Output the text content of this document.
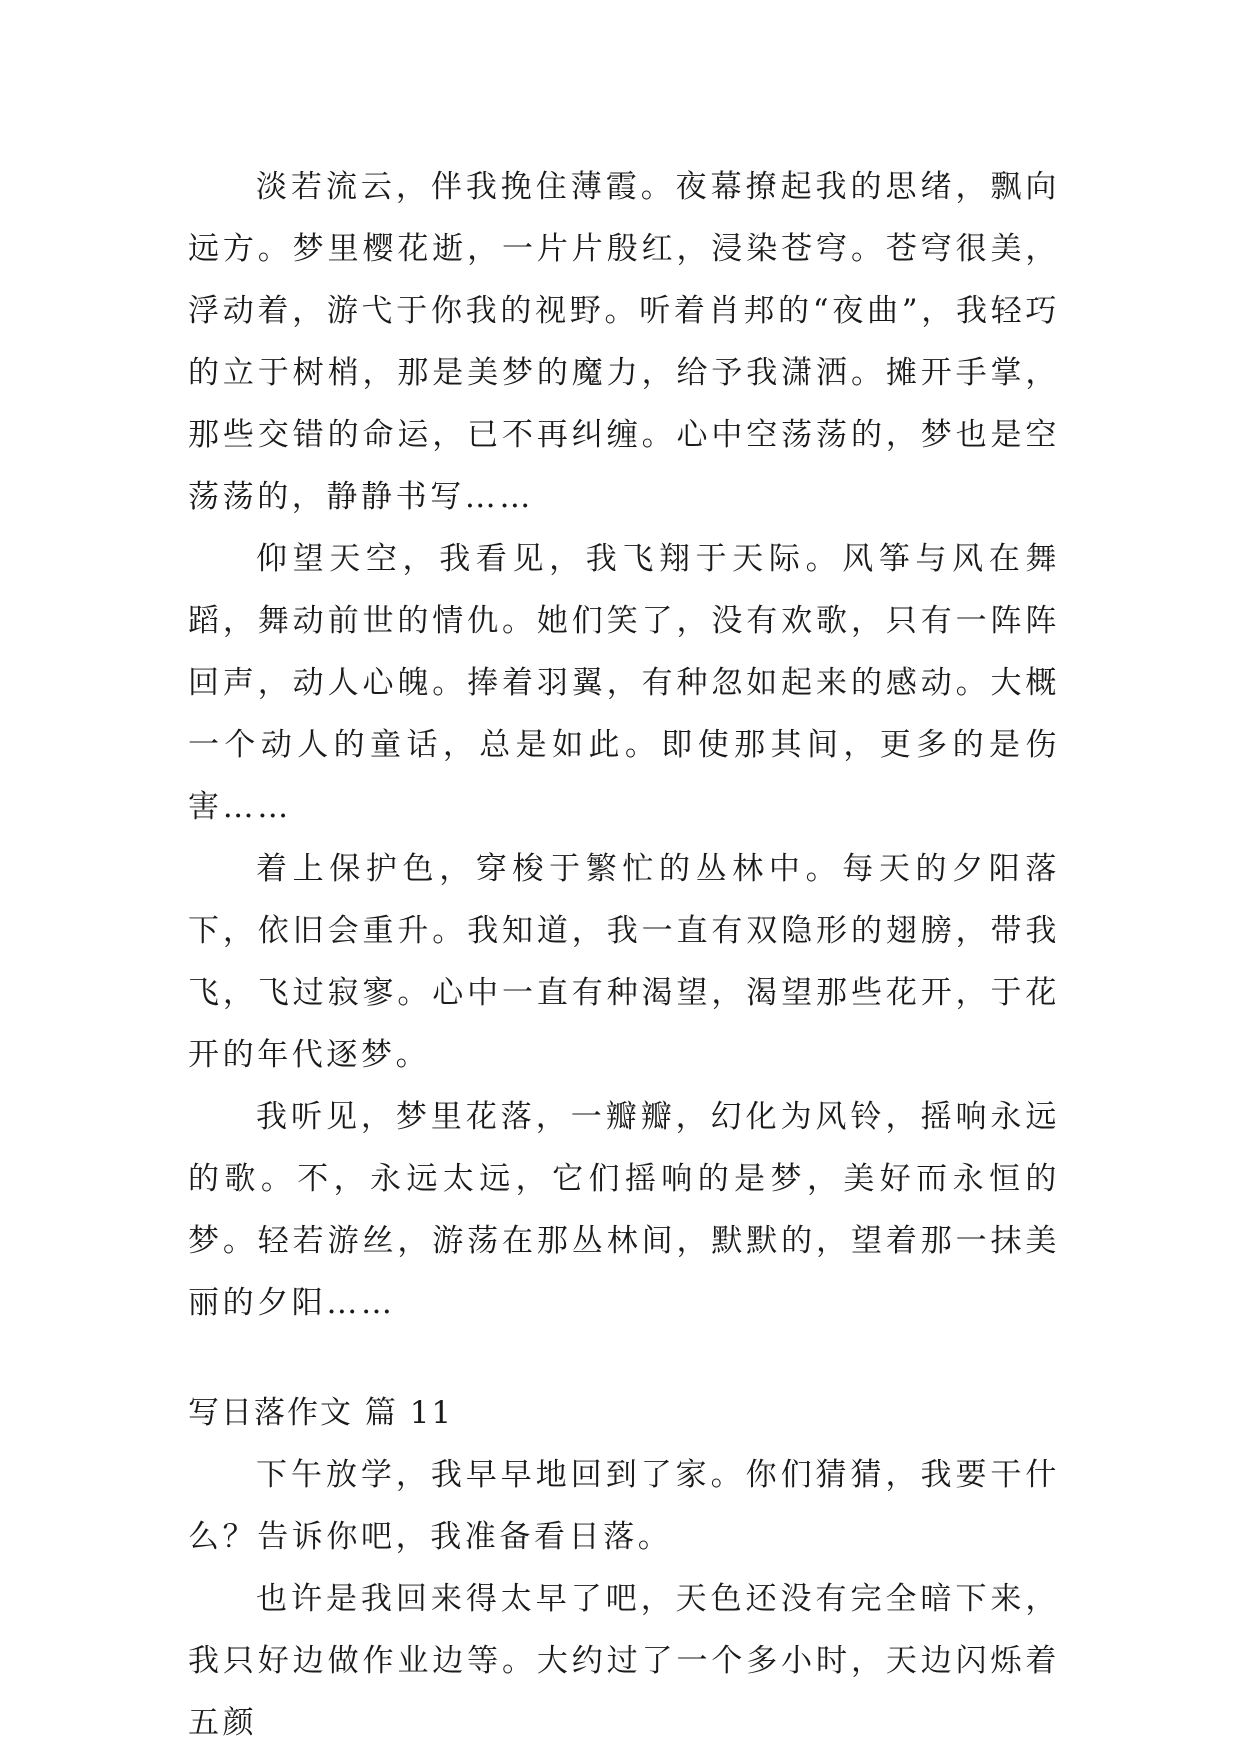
淡若流云，伴我挽住薄霞。夜幕撩起我的思绪，飘向远方。梦里樱花逝，一片片殷红，浸染苍穹。苍穹很美，浮动着，游弋于你我的视野。听着肖邦的“夜曲”，我轻巧的立于树梢，那是美梦的魔力，给予我潇洒。摊开手掌，那些交错的命运，已不再纠缠。心中空荡荡的，梦也是空荡荡的，静静书写……

仰望天空，我看见，我飞翔于天际。风筝与风在舞蹈，舞动前世的情仇。她们笑了，没有欢歌，只有一阵阵回声，动人心魄。捧着羽翼，有种忽如起来的感动。大概一个动人的童话，总是如此。即使那其间，更多的是伤害……

着上保护色，穿梭于繁忙的丛林中。每天的夕阳落下，依旧会重升。我知道，我一直有双隐形的翅膀，带我飞，飞过寂寥。心中一直有种渴望，渴望那些花开，于花开的年代逐梦。

我听见，梦里花落，一瓣瓣，幻化为风铃，摇响永远的歌。不，永远太远，它们摇响的是梦，美好而永恒的梦。轻若游丝，游荡在那丛林间，默默的，望着那一抹美丽的夕阳……

写日落作文 篇 11

下午放学，我早早地回到了家。你们猜猜，我要干什么？告诉你吧，我准备看日落。

也许是我回来得太早了吧，天色还没有完全暗下来，我只好边做作业边等。大约过了一个多小时，天边闪烁着五颜
